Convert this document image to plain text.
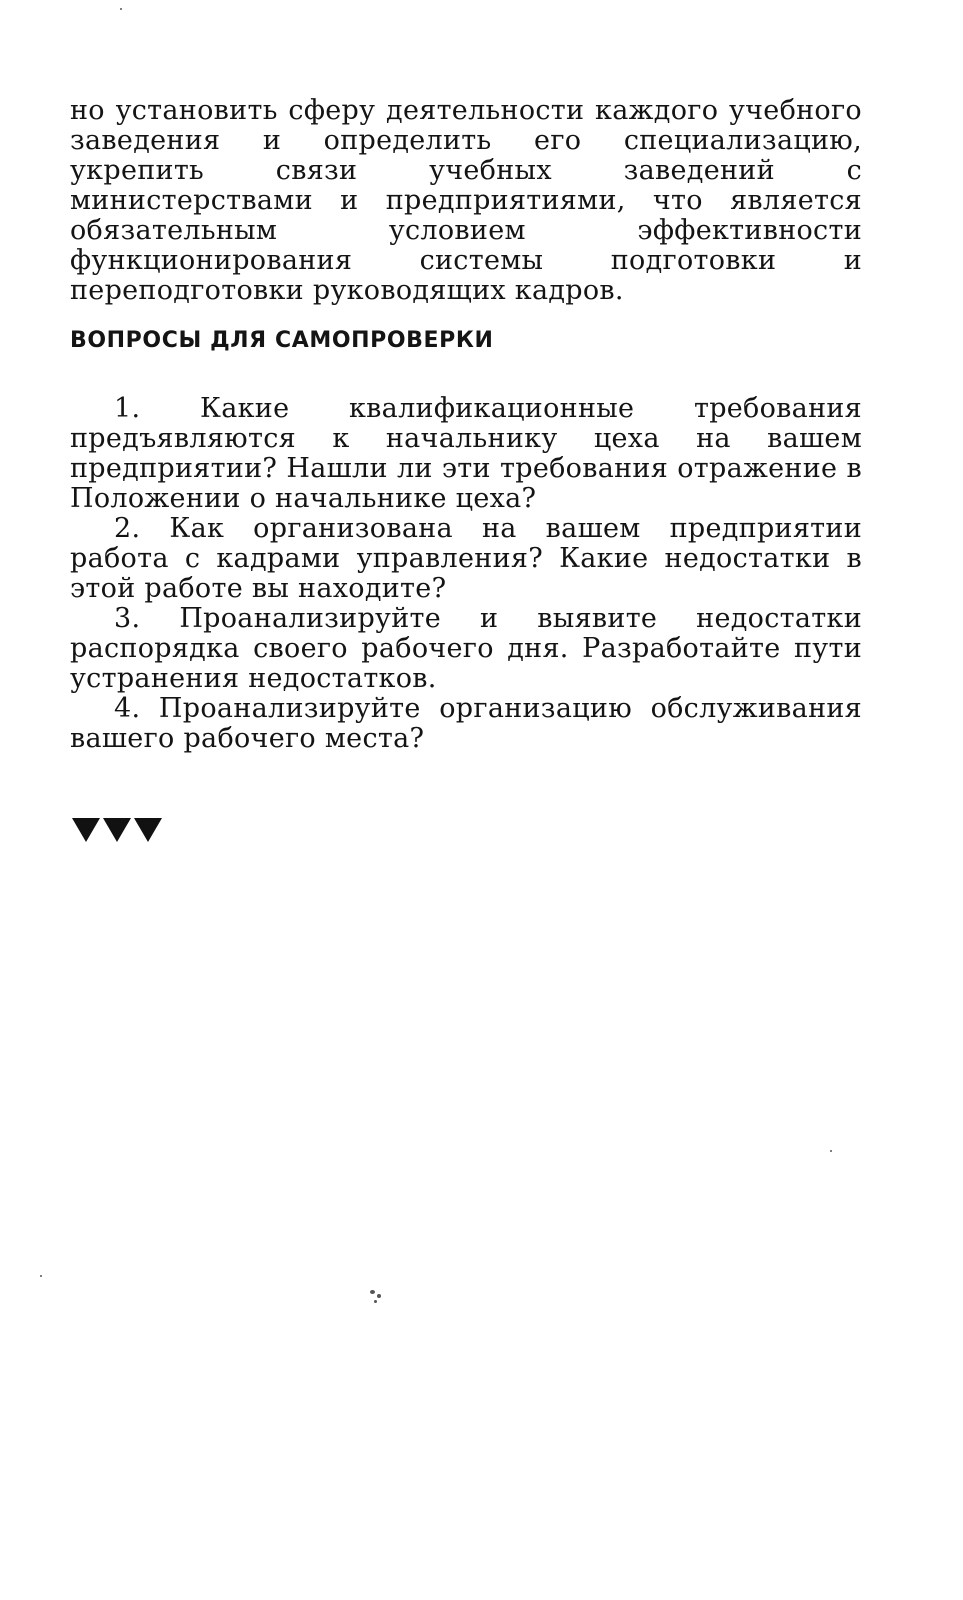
но установить сферу деятельности каждого учебного заведения и определить его специализацию, укрепить связи учебных заведений с министерствами и предприятиями, что является обязательным условием эффективности функционирования системы подготовки и переподготовки руководящих кадров.

ВОПРОСЫ ДЛЯ САМОПРОВЕРКИ
1. Какие квалификационные требования предъявляются к начальнику цеха на вашем предприятии? Нашли ли эти требования отражение в Положении о начальнике цеха?
2. Как организована на вашем предприятии работа с кадрами управления? Какие недостатки в этой работе вы находите?
3. Проанализируйте и выявите недостатки распорядка своего рабочего дня. Разработайте пути устранения недостатков.
4. Проанализируйте организацию обслуживания вашего рабочего места?
